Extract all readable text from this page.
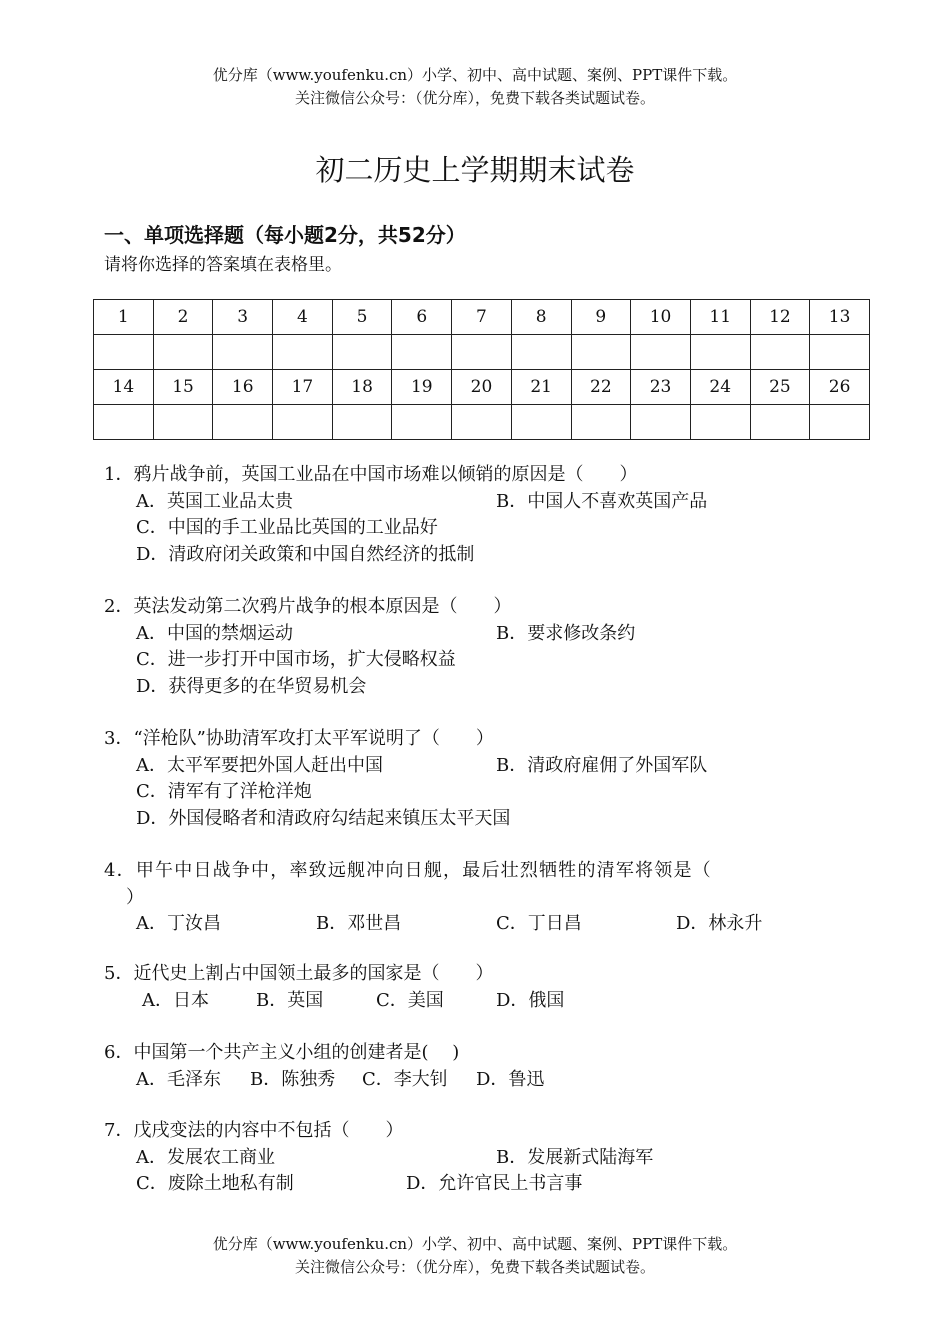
优分库（www.youfenku.cn）小学、初中、高中试题、案例、PPT课件下载。
关注微信公众号：（优分库），免费下载各类试题试卷。
初二历史上学期期末试卷
一、单项选择题（每小题2分，共52分）
请将你选择的答案填在表格里。
1	2	3	4	5	6	7	8	9	10	11	12	13

14	15	16	17	18	19	20	21	22	23	24	25	26

1．鸦片战争前，英国工业品在中国市场难以倾销的原因是（　　）
A．英国工业品太贵	B．中国人不喜欢英国产品
C．中国的手工业品比英国的工业品好
D．清政府闭关政策和中国自然经济的抵制
2．英法发动第二次鸦片战争的根本原因是（　　）
A．中国的禁烟运动	B．要求修改条约
C．进一步打开中国市场，扩大侵略权益
D．获得更多的在华贸易机会
3．“洋枪队”协助清军攻打太平军说明了（　　）
A．太平军要把外国人赶出中国	B．清政府雇佣了外国军队
C．清军有了洋枪洋炮
D．外国侵略者和清政府勾结起来镇压太平天国
4．甲午中日战争中，率致远舰冲向日舰，最后壮烈牺牲的清军将领是（
）
A．丁汝昌	B．邓世昌	C．丁日昌	D．林永升
5．近代史上割占中国领土最多的国家是（　　）
A．日本	B．英国	C．美国	D．俄国
6．中国第一个共产主义小组的创建者是(　 )
A．毛泽东 B．陈独秀 C．李大钊 D．鲁迅
7．戊戌变法的内容中不包括（　　）
A．发展农工商业	B．发展新式陆海军
C．废除土地私有制	D．允许官民上书言事
优分库（www.youfenku.cn）小学、初中、高中试题、案例、PPT课件下载。
关注微信公众号：（优分库），免费下载各类试题试卷。
